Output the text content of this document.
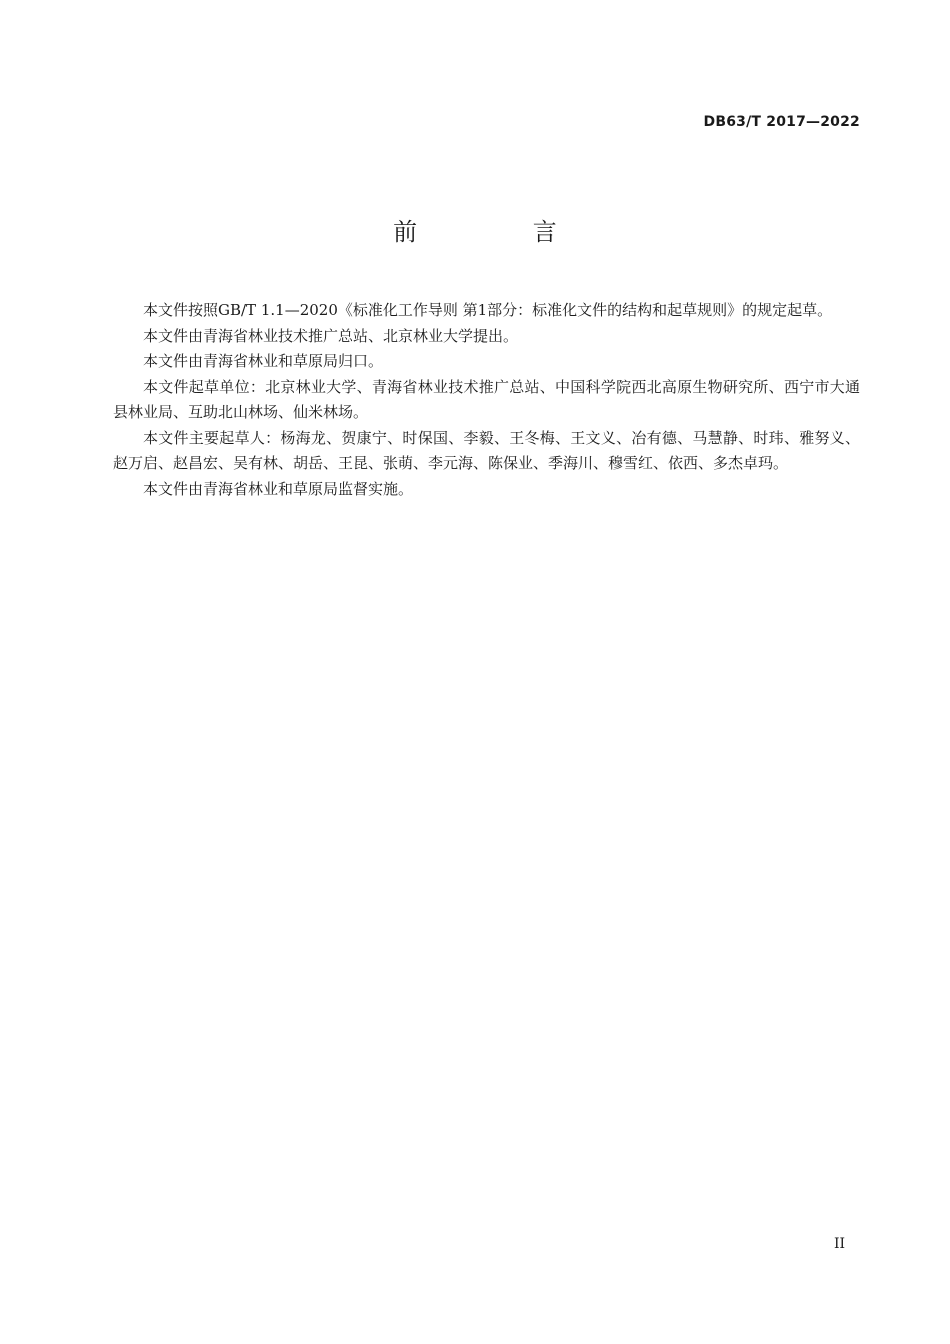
DB63/T 2017—2022
前 言

本文件按照GB/T 1.1—2020《标准化工作导则 第1部分：标准化文件的结构和起草规则》的规定起草。

本文件由青海省林业技术推广总站、北京林业大学提出。

本文件由青海省林业和草原局归口。

本文件起草单位：北京林业大学、青海省林业技术推广总站、中国科学院西北高原生物研究所、西宁市大通县林业局、互助北山林场、仙米林场。

本文件主要起草人：杨海龙、贺康宁、时保国、李毅、王冬梅、王文义、冶有德、马慧静、时玮、雅努义、赵万启、赵昌宏、吴有林、胡岳、王昆、张萌、李元海、陈保业、季海川、穆雪红、依西、多杰卓玛。

本文件由青海省林业和草原局监督实施。

II
